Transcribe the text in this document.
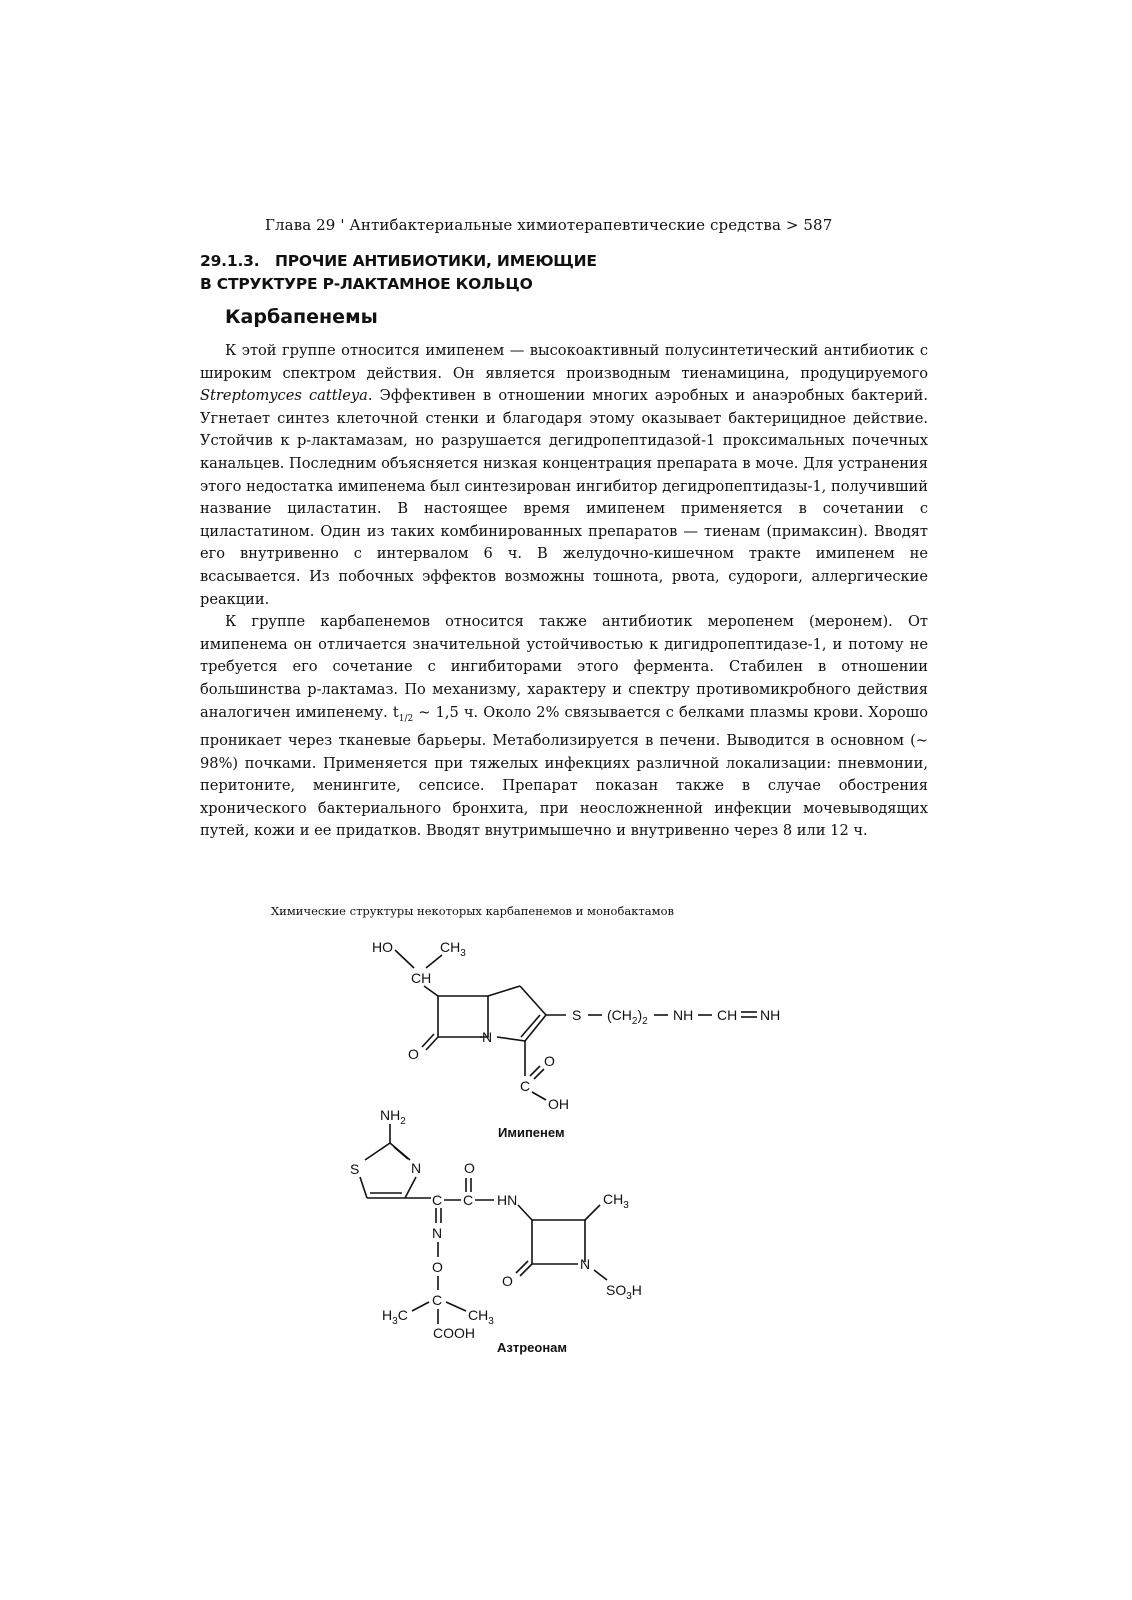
Глава 29 ' Антибактериальные химиотерапевтические средства > 587
29.1.3.   ПРОЧИЕ АНТИБИОТИКИ, ИМЕЮЩИЕ
В СТРУКТУРЕ Р-ЛАКТАМНОЕ КОЛЬЦО
Карбапенемы

К этой группе относится имипенем — высокоактивный полусинтетический антибиотик с широким спектром действия. Он является производным тиенамицина, продуцируемого Streptomyces cattleya. Эффективен в отношении многих аэробных и анаэробных бактерий. Угнетает синтез клеточной стенки и благодаря этому оказывает бактерицидное действие. Устойчив к р-лактамазам, но разрушается дегидропептидазой-1 проксимальных почечных канальцев. Последним объясняется низкая концентрация препарата в моче. Для устранения этого недостатка имипенема был синтезирован ингибитор дегидропептидазы-1, получивший название циластатин. В настоящее время имипенем применяется в сочетании с циластатином. Один из таких комбинированных препаратов — тиенам (примаксин). Вводят его внутривенно с интервалом 6 ч. В желудочно-кишечном тракте имипенем не всасывается. Из побочных эффектов возможны тошнота, рвота, судороги, аллергические реакции.

К группе карбапенемов относится также антибиотик меропенем (меронем). От имипенема он отличается значительной устойчивостью к дигидропептидазе-1, и потому не требуется его сочетание с ингибиторами этого фермента. Стабилен в отношении большинства р-лактамаз. По механизму, характеру и спектру противомикробного действия аналогичен имипенему. $t_{1/2}$ ~ 1,5 ч. Около 2% связывается с белками плазмы крови. Хорошо проникает через тканевые барьеры. Метаболизируется в печени. Выводится в основном (~ 98%) почками. Применяется при тяжелых инфекциях различной локализации: пневмонии, перитоните, менингите, сепсисе. Препарат показан также в случае обострения хронического бактериального бронхита, при неосложненной инфекции мочевыводящих путей, кожи и ее придатков. Вводят внутримышечно и внутривенно через 8 или 12 ч.

Химические структуры некоторых карбапенемов и монобактамов
HO	$CH_3$
CH
O
N
S $(CH_2)_2$ NH CH NH
O
C
OH
Имипенем
$NH_2$
S	N
C C
O
HN
N
O
C
$H_3C$	$CH_3$
COOH
N
O
$CH_3$
$SO_3H$
Азтреонам
